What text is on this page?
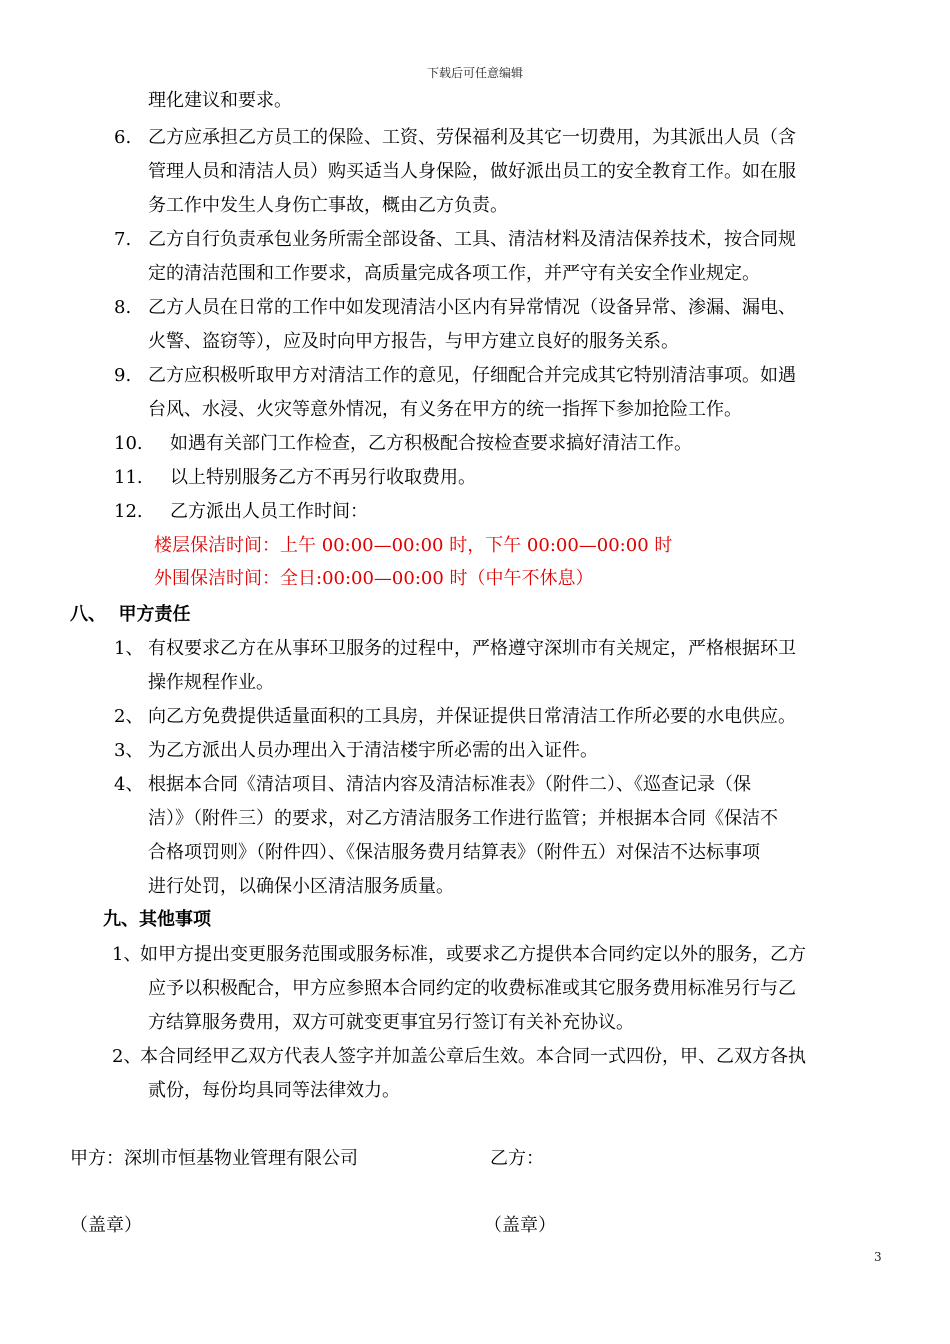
下载后可任意编辑
理化建议和要求。
6. 乙方应承担乙方员工的保险、工资、劳保福利及其它一切费用，为其派出人员（含
管理人员和清洁人员）购买适当人身保险，做好派出员工的安全教育工作。如在服
务工作中发生人身伤亡事故，概由乙方负责。
7. 乙方自行负责承包业务所需全部设备、工具、清洁材料及清洁保养技术，按合同规
定的清洁范围和工作要求，高质量完成各项工作，并严守有关安全作业规定。
8. 乙方人员在日常的工作中如发现清洁小区内有异常情况（设备异常、渗漏、漏电、
火警、盗窃等），应及时向甲方报告，与甲方建立良好的服务关系。
9. 乙方应积极听取甲方对清洁工作的意见，仔细配合并完成其它特别清洁事项。如遇
台风、水浸、火灾等意外情况，有义务在甲方的统一指挥下参加抢险工作。
10. 如遇有关部门工作检查，乙方积极配合按检查要求搞好清洁工作。
11. 以上特别服务乙方不再另行收取费用。
12. 乙方派出人员工作时间：
楼层保洁时间：上午 00:00—00:00 时，下午 00:00—00:00 时
外围保洁时间：全日:00:00—00:00 时（中午不休息）
八、  甲方责任
1、 有权要求乙方在从事环卫服务的过程中，严格遵守深圳市有关规定，严格根据环卫
操作规程作业。
2、 向乙方免费提供适量面积的工具房，并保证提供日常清洁工作所必要的水电供应。
3、 为乙方派出人员办理出入于清洁楼宇所必需的出入证件。
4、 根据本合同《清洁项目、清洁内容及清洁标准表》（附件二）、《巡查记录（保
洁）》（附件三）的要求，对乙方清洁服务工作进行监管；并根据本合同《保洁不
合格项罚则》（附件四）、《保洁服务费月结算表》（附件五）对保洁不达标事项
进行处罚，以确保小区清洁服务质量。
九、其他事项
1、
如甲方提出变更服务范围或服务标准，或要求乙方提供本合同约定以外的服务，乙方
应予以积极配合，甲方应参照本合同约定的收费标准或其它服务费用标准另行与乙
方结算服务费用，双方可就变更事宜另行签订有关补充协议。
2、
本合同经甲乙双方代表人签字并加盖公章后生效。本合同一式四份，甲、乙双方各执
贰份，每份均具同等法律效力。
甲方：深圳市恒基物业管理有限公司	乙方：
（盖章）	（盖章）
3
